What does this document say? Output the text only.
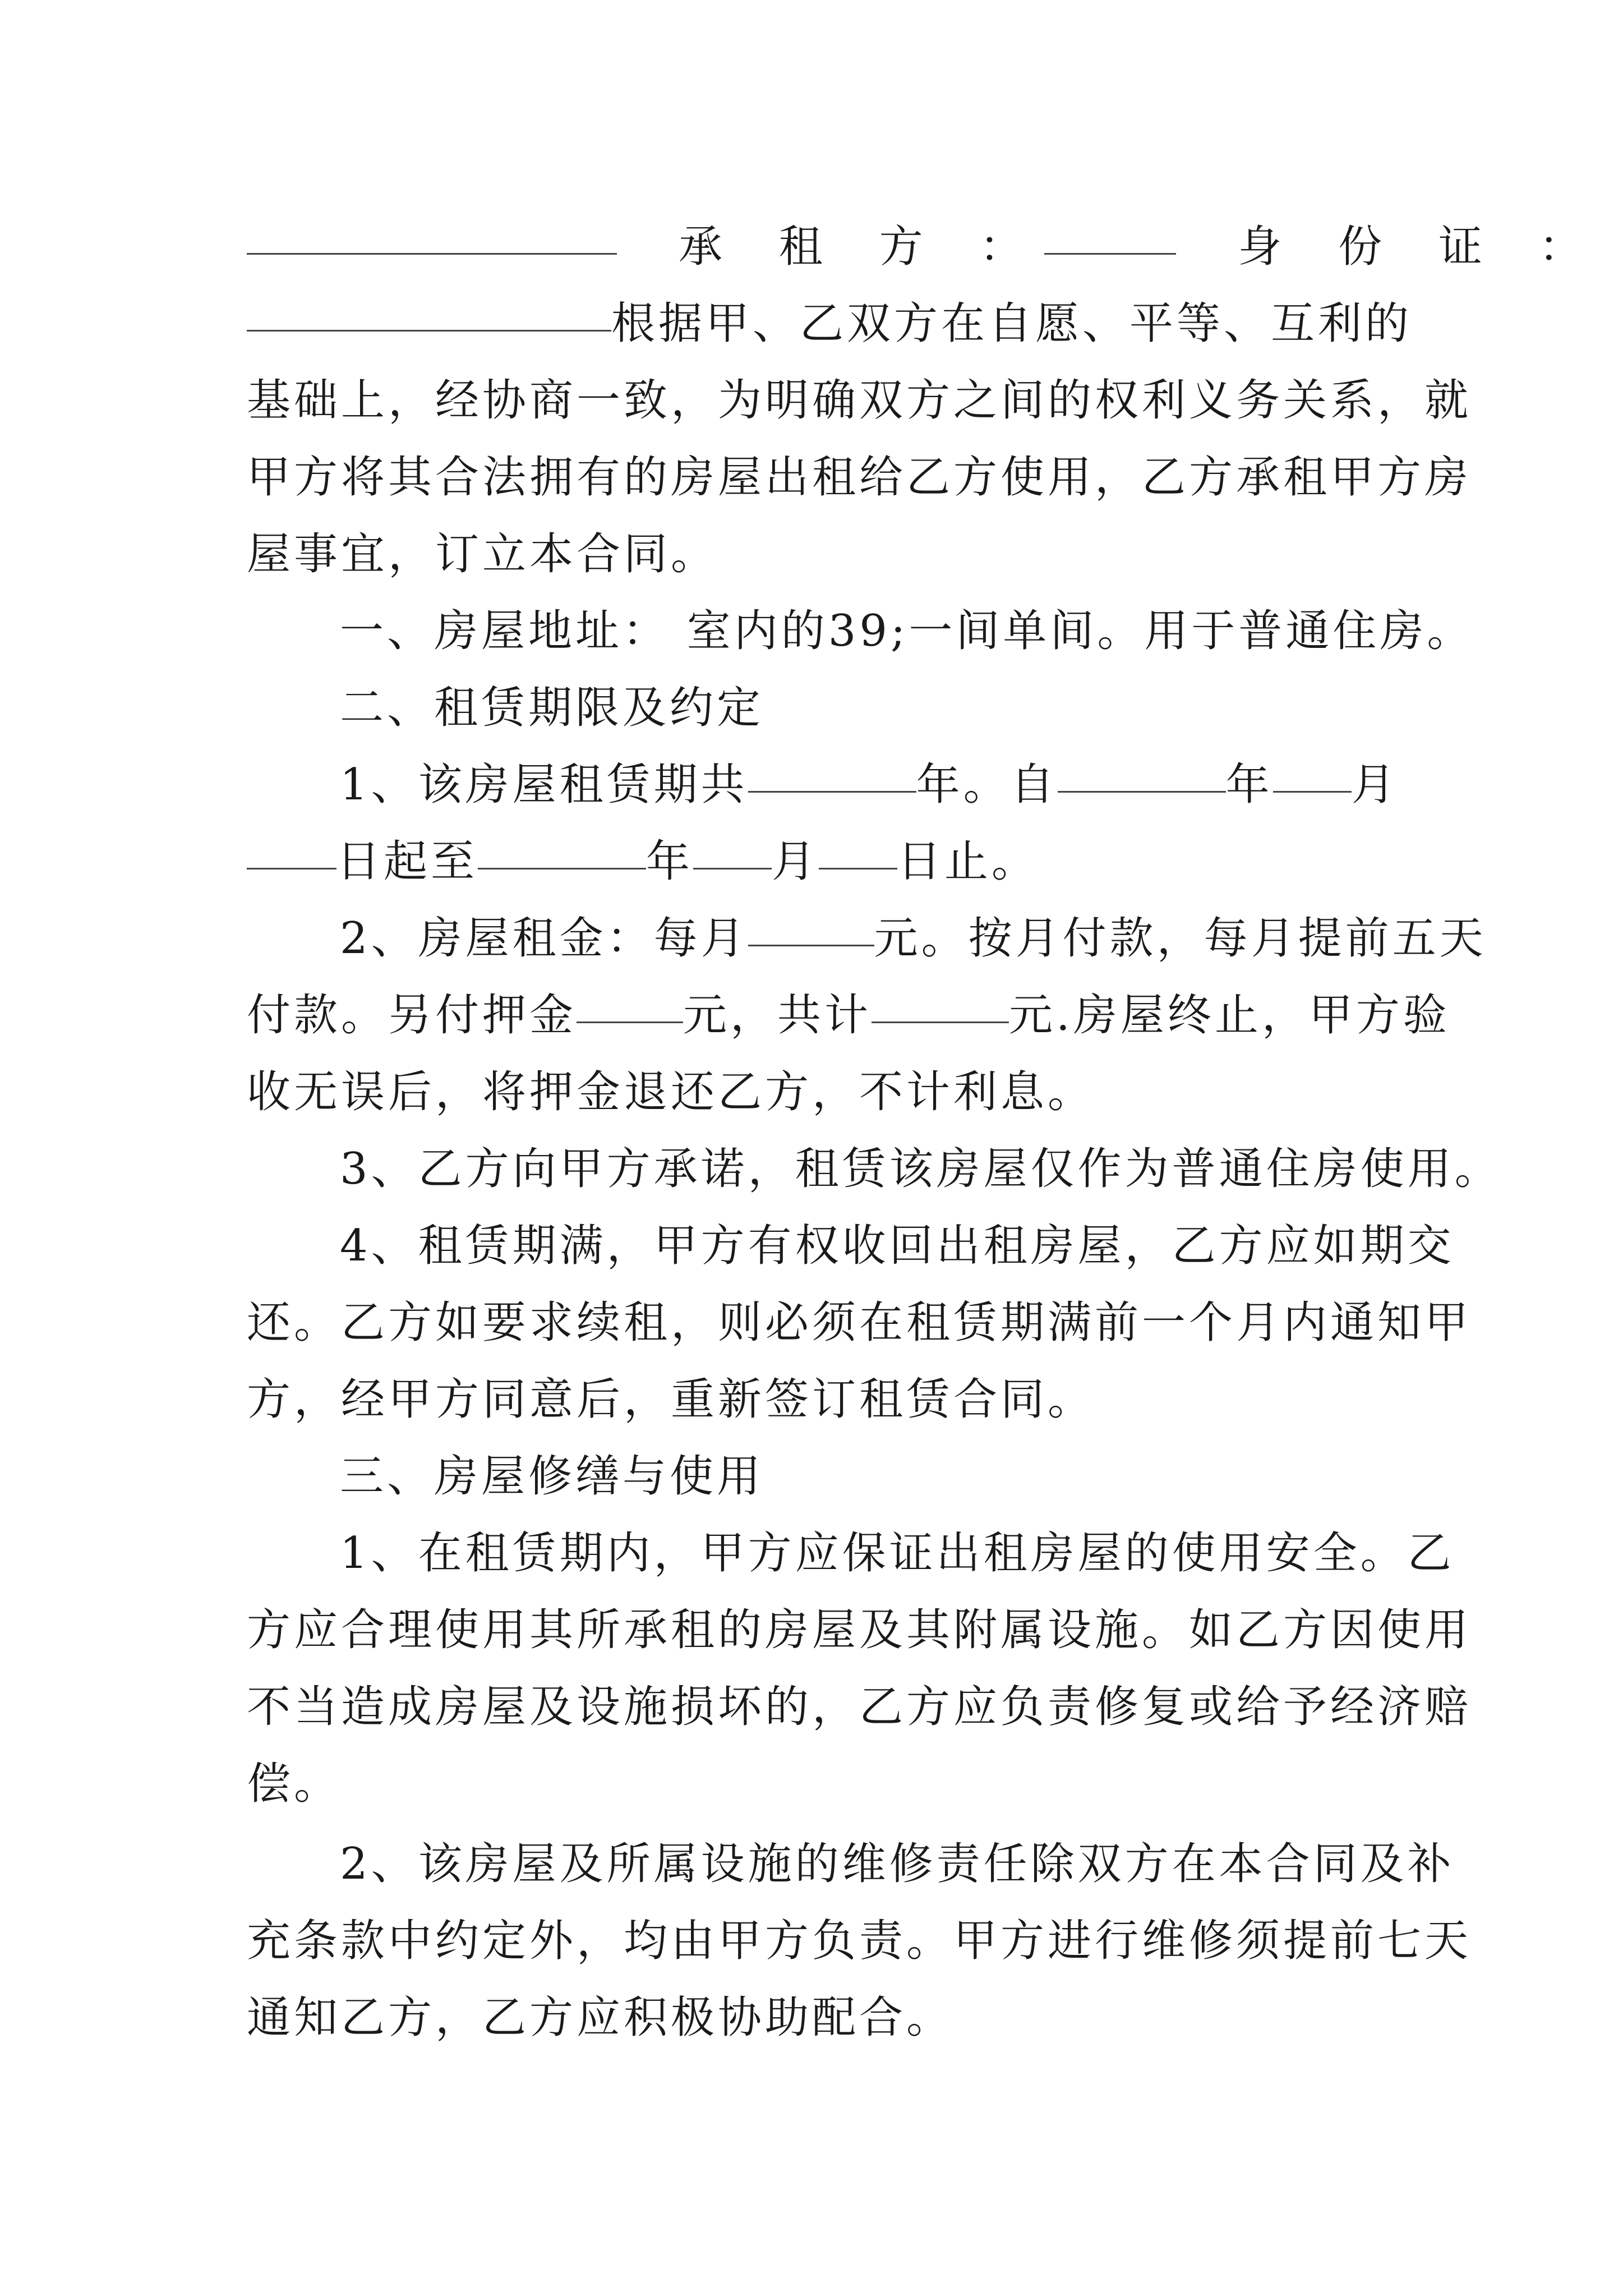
承 租 方 ：	身 份 证 ：
根据甲、乙双方在自愿、平等、互利的
基础上，经协商一致，为明确双方之间的权利义务关系，就
甲方将其合法拥有的房屋出租给乙方使用，乙方承租甲方房
屋事宜，订立本合同。
一、房屋地址： 室内的39;一间单间。用于普通住房。
二、租赁期限及约定
1、该房屋租赁期共	年。自	年 月
日起至	年 月 日止。
2、房屋租金：每月	元。按月付款，每月提前五天
付款。另付押金 元，共计	元.房屋终止，甲方验
收无误后，将押金退还乙方，不计利息。
3、乙方向甲方承诺，租赁该房屋仅作为普通住房使用。
4、租赁期满，甲方有权收回出租房屋，乙方应如期交
还。乙方如要求续租，则必须在租赁期满前一个月内通知甲
方，经甲方同意后，重新签订租赁合同。
三、房屋修缮与使用
1、在租赁期内，甲方应保证出租房屋的使用安全。乙
方应合理使用其所承租的房屋及其附属设施。如乙方因使用
不当造成房屋及设施损坏的，乙方应负责修复或给予经济赔
偿。
2、该房屋及所属设施的维修责任除双方在本合同及补
充条款中约定外，均由甲方负责。甲方进行维修须提前七天
通知乙方，乙方应积极协助配合。
